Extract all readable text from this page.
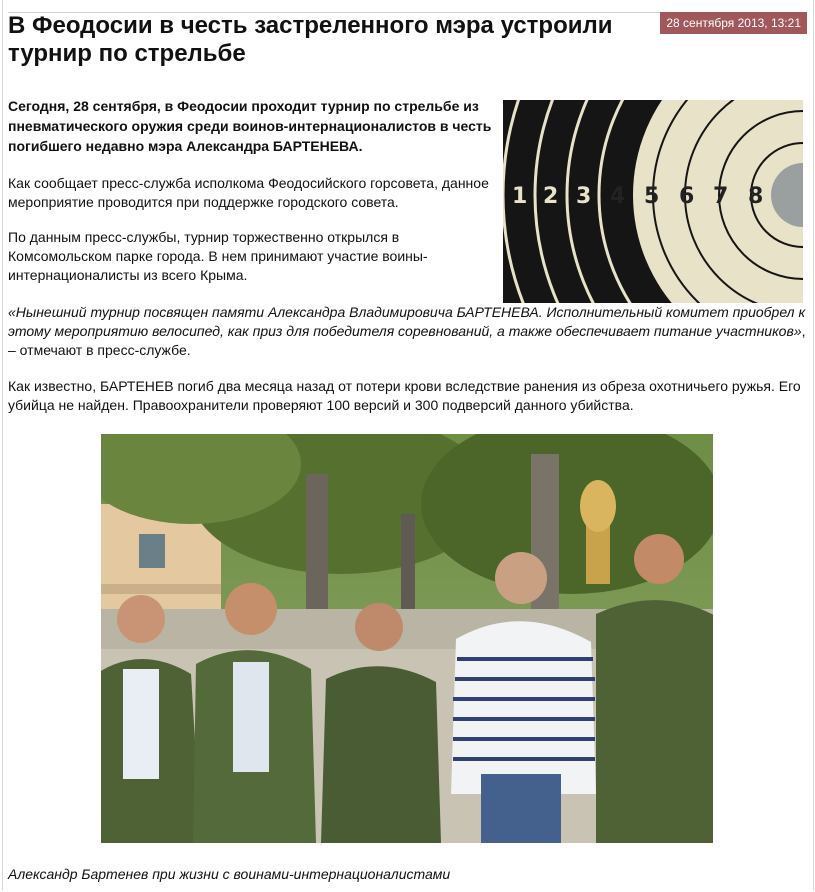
В Феодосии в честь застреленного мэра устроили турнир по стрельбе
28 сентября 2013, 13:21

Сегодня, 28 сентября, в Феодосии проходит турнир по стрельбе из пневматического оружия среди воинов-интернационалистов в честь погибшего недавно мэра Александра БАРТЕНЕВА.

1 2 3 4 5 6 7 8

Как сообщает пресс-служба исполкома Феодосийского горсовета, данное мероприятие проводится при поддержке городского совета.

По данным пресс-службы, турнир торжественно открылся в Комсомольском парке города. В нем принимают участие воины-интернационалисты из всего Крыма.

«Нынешний турнир посвящен памяти Александра Владимировича БАРТЕНЕВА. Исполнительный комитет приобрел к этому мероприятию велосипед, как приз для победителя соревнований, а также обеспечивает питание участников», – отмечают в пресс-службе.

Как известно, БАРТЕНЕВ погиб два месяца назад от потери крови вследствие ранения из обреза охотничьего ружья. Его убийца не найден. Правоохранители проверяют 100 версий и 300 подверсий данного убийства.

Александр Бартенев при жизни с воинами-интернационалистами
